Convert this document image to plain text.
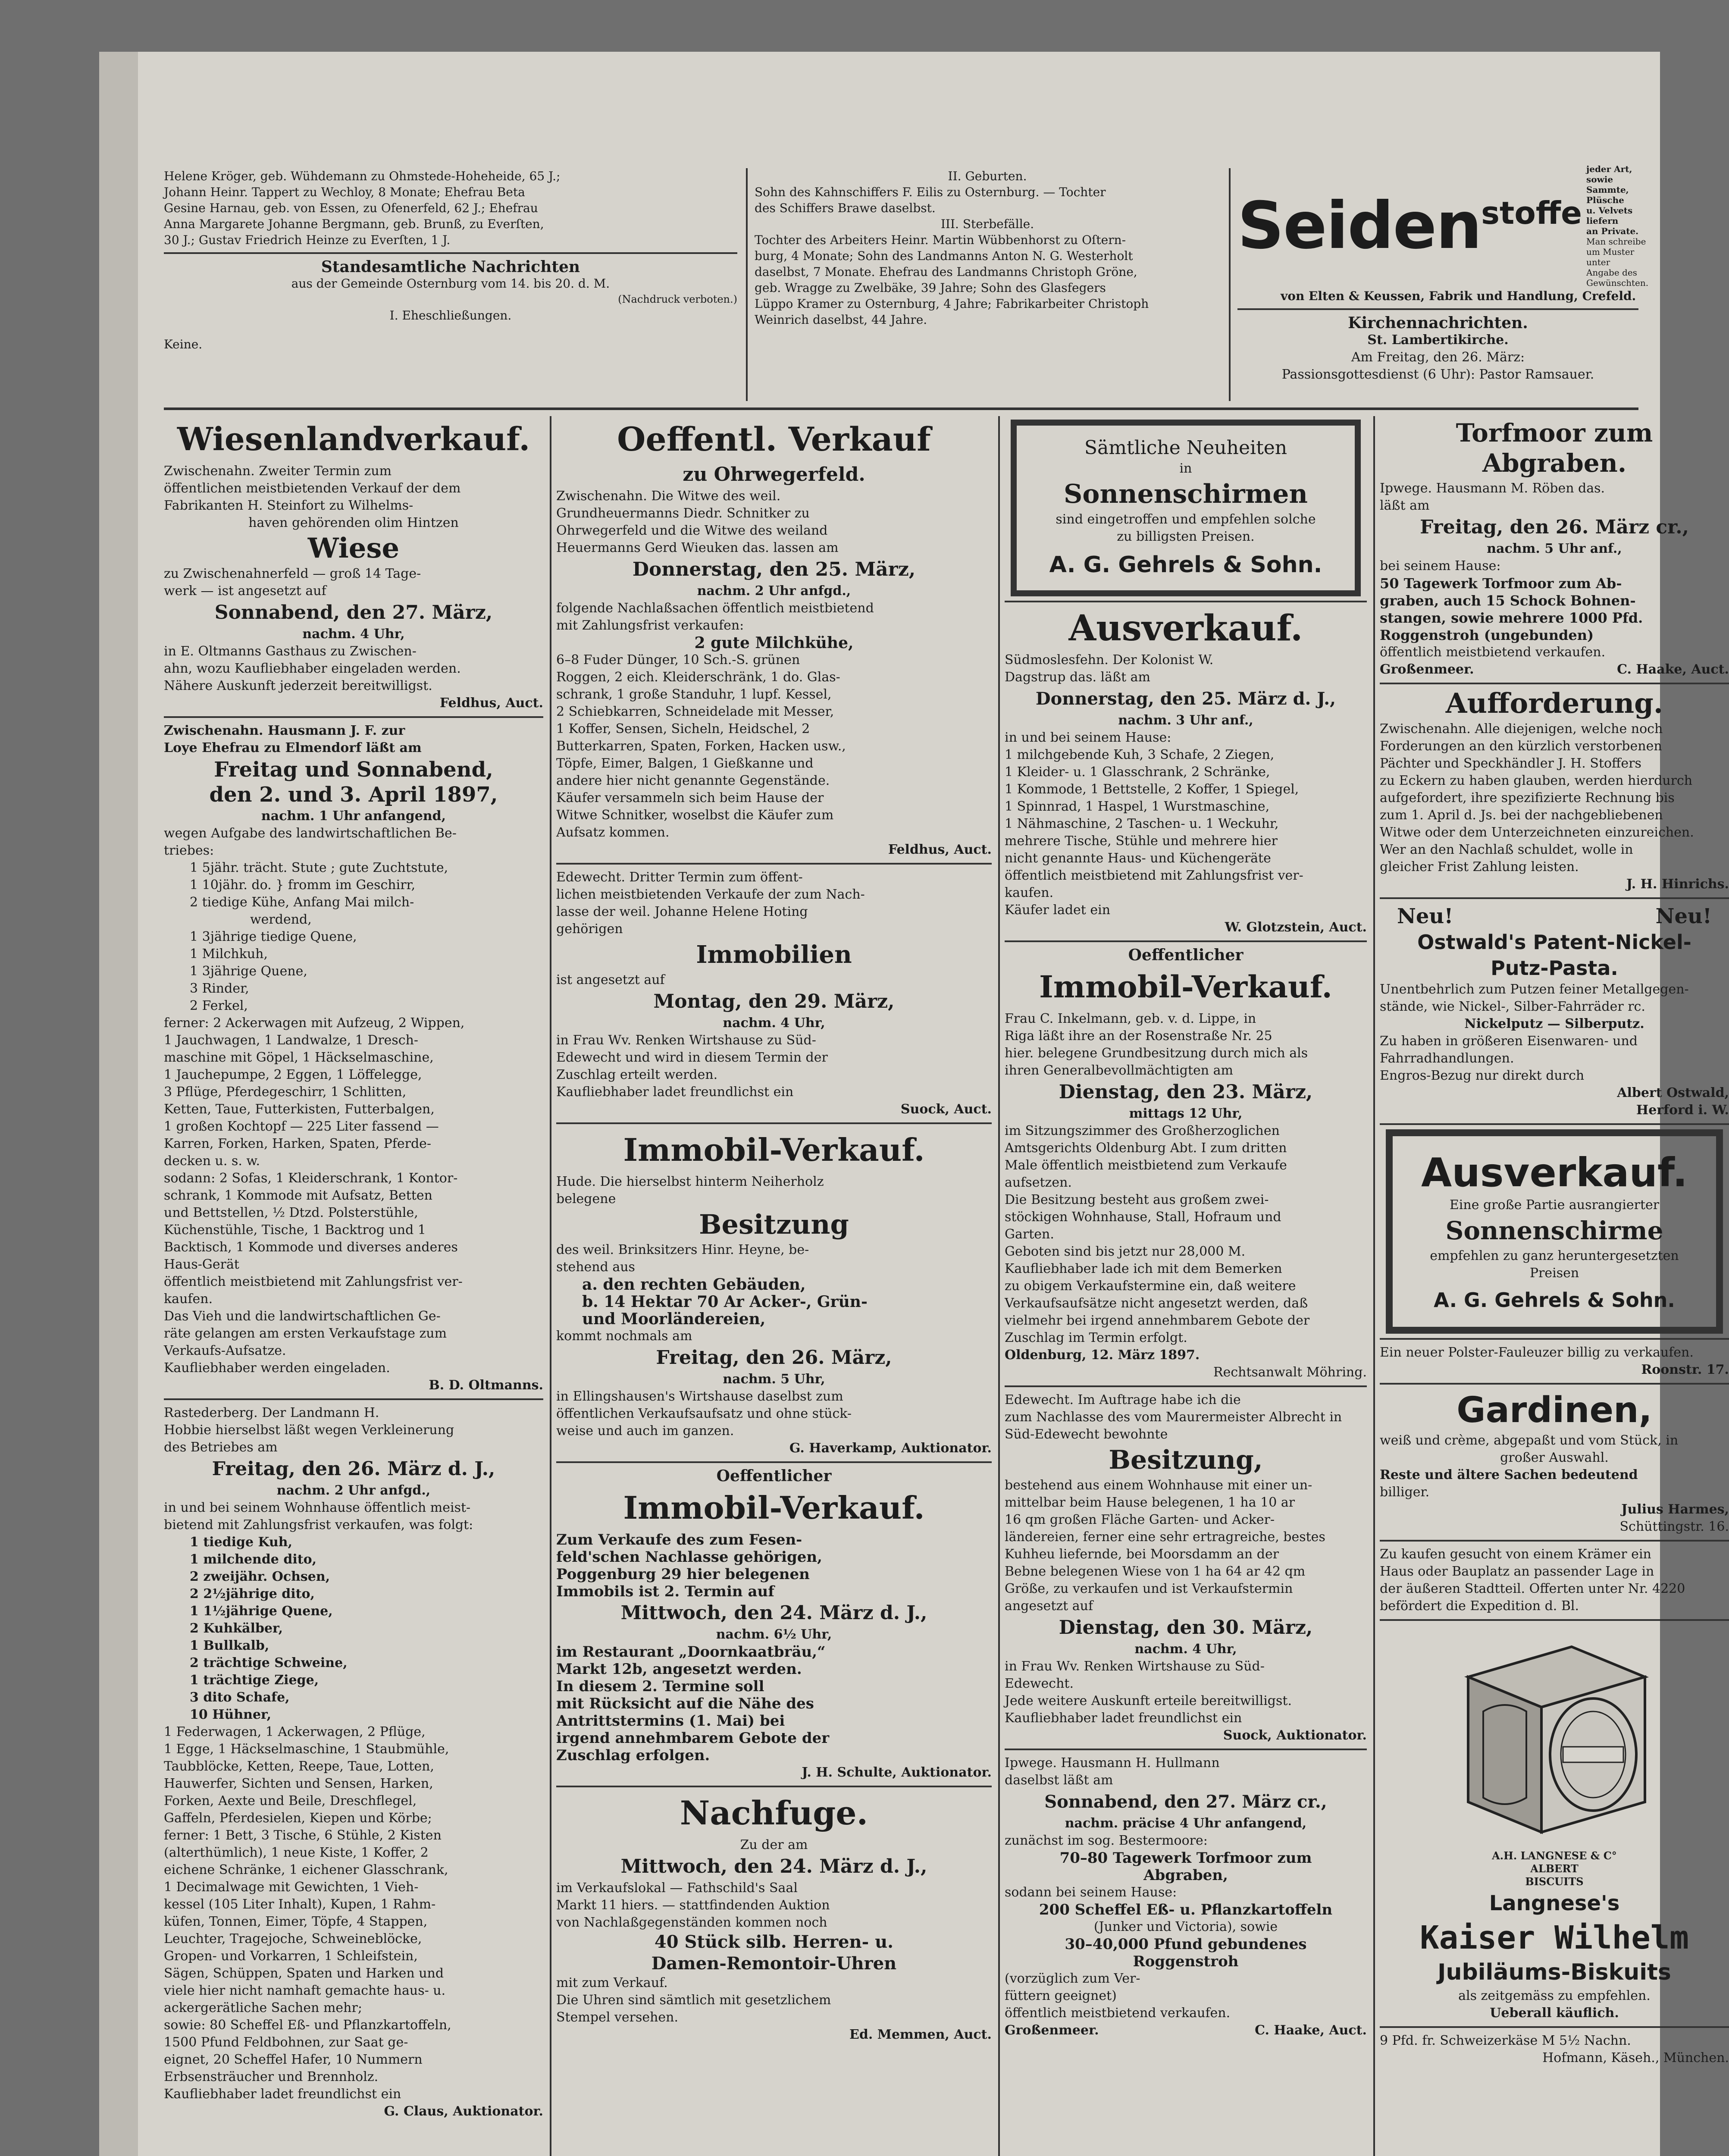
Helene Kröger, geb. Wühdemann zu Ohmstede-Hoheheide, 65 J.;

Johann Heinr. Tappert zu Wechloy, 8 Monate; Ehefrau Beta

Gesine Harnau, geb. von Essen, zu Ofenerfeld, 62 J.; Ehefrau

Anna Margarete Johanne Bergmann, geb. Brunß, zu Everſten,

30 J.; Gustav Friedrich Heinze zu Everſten, 1 J.

Standesamtliche Nachrichten

aus der Gemeinde Osternburg vom 14. bis 20. d. M.

(Nachdruck verboten.)

I. Eheschließungen.

Keine.

II. Geburten.

Sohn des Kahnschiffers F. Eilis zu Osternburg. — Tochter

des Schiffers Brawe daselbst.

III. Sterbefälle.

Tochter des Arbeiters Heinr. Martin Wübbenhorst zu Oſtern-

burg, 4 Monate; Sohn des Landmanns Anton N. G. Westerholt

daselbst, 7 Monate. Ehefrau des Landmanns Christoph Gröne,

geb. Wragge zu Zwelbäke, 39 Jahre; Sohn des Glasfegers

Lüppo Kramer zu Osternburg, 4 Jahre; Fabrikarbeiter Christoph

Weinrich daselbst, 44 Jahre.

Seiden stoffe
jeder Art, sowie
Sammte, Plüsche
u. Velvets liefern
an Private.
Man schreibe um Muster unter
Angabe des Gewünschten.

von Elten & Keussen, Fabrik und Handlung, Crefeld.

Kirchennachrichten.

St. Lambertikirche.

Am Freitag, den 26. März:

Passionsgottesdienst (6 Uhr): Pastor Ramsauer.

Wiesenlandverkauf.

Zwischenahn. Zweiter Termin zum

öffentlichen meistbietenden Verkauf der dem

Fabrikanten H. Steinfort zu Wilhelms-

haven gehörenden olim Hintzen

Wiese

zu Zwischenahnerfeld — groß 14 Tage-

werk — ist angesetzt auf

Sonnabend, den 27. März,

nachm. 4 Uhr,

in E. Oltmanns Gasthaus zu Zwischen-

ahn, wozu Kaufliebhaber eingeladen werden.

Nähere Auskunft jederzeit bereitwilligst.

Feldhus, Auct.

Zwischenahn. Hausmann J. F. zur

Loye Ehefrau zu Elmendorf läßt am

Freitag und Sonnabend,

den 2. und 3. April 1897,

nachm. 1 Uhr anfangend,

wegen Aufgabe des landwirtschaftlichen Be-

triebes:

1 5jähr. trächt. Stute ; gute Zuchtstute,

1 10jähr. do. } fromm im Geschirr,

2 tiedige Kühe, Anfang Mai milch-

werdend,

1 3jährige tiedige Quene,

1 Milchkuh,

1 3jährige Quene,

3 Rinder,

2 Ferkel,

ferner: 2 Ackerwagen mit Aufzeug, 2 Wippen,

1 Jauchwagen, 1 Landwalze, 1 Dresch-

maschine mit Göpel, 1 Häckselmaschine,

1 Jauchepumpe, 2 Eggen, 1 Löffelegge,

3 Pflüge, Pferdegeschirr, 1 Schlitten,

Ketten, Taue, Futterkisten, Futterbalgen,

1 großen Kochtopf — 225 Liter fassend —

Karren, Forken, Harken, Spaten, Pferde-

decken u. s. w.

sodann: 2 Sofas, 1 Kleiderschrank, 1 Kontor-

schrank, 1 Kommode mit Aufsatz, Betten

und Bettstellen, ½ Dtzd. Polsterstühle,

Küchenstühle, Tische, 1 Backtrog und 1

Backtisch, 1 Kommode und diverses anderes

Haus-Gerät

öffentlich meistbietend mit Zahlungsfrist ver-

kaufen.

Das Vieh und die landwirtschaftlichen Ge-

räte gelangen am ersten Verkaufstage zum

Verkaufs-Aufsatze.

Kaufliebhaber werden eingeladen.

B. D. Oltmanns.

Rastederberg. Der Landmann H.

Hobbie hierselbst läßt wegen Verkleinerung

des Betriebes am

Freitag, den 26. März d. J.,

nachm. 2 Uhr anfgd.,

in und bei seinem Wohnhause öffentlich meist-

bietend mit Zahlungsfrist verkaufen, was folgt:

1 tiedige Kuh,

1 milchende dito,

2 zweijähr. Ochsen,

2 2½jährige dito,

1 1½jährige Quene,

2 Kuhkälber,

1 Bullkalb,

2 trächtige Schweine,

1 trächtige Ziege,

3 dito Schafe,

10 Hühner,

1 Federwagen, 1 Ackerwagen, 2 Pflüge,

1 Egge, 1 Häckselmaschine, 1 Staubmühle,

Taubblöcke, Ketten, Reepe, Taue, Lotten,

Hauwerfer, Sichten und Sensen, Harken,

Forken, Aexte und Beile, Dreschflegel,

Gaffeln, Pferdesielen, Kiepen und Körbe;

ferner: 1 Bett, 3 Tische, 6 Stühle, 2 Kisten

(alterthümlich), 1 neue Kiste, 1 Koffer, 2

eichene Schränke, 1 eichener Glasschrank,

1 Decimalwage mit Gewichten, 1 Vieh-

kessel (105 Liter Inhalt), Kupen, 1 Rahm-

küfen, Tonnen, Eimer, Töpfe, 4 Stappen,

Leuchter, Tragejoche, Schweineblöcke,

Gropen- und Vorkarren, 1 Schleifstein,

Sägen, Schüppen, Spaten und Harken und

viele hier nicht namhaft gemachte haus- u.

ackergerätliche Sachen mehr;

sowie: 80 Scheffel Eß- und Pflanzkartoffeln,

1500 Pfund Feldbohnen, zur Saat ge-

eignet, 20 Scheffel Hafer, 10 Nummern

Erbsensträucher und Brennholz.

Kaufliebhaber ladet freundlichst ein

G. Claus, Auktionator.

Oeffentl. Verkauf

zu Ohrwegerfeld.

Zwischenahn. Die Witwe des weil.

Grundheuermanns Diedr. Schnitker zu

Ohrwegerfeld und die Witwe des weiland

Heuermanns Gerd Wieuken das. lassen am

Donnerstag, den 25. März,

nachm. 2 Uhr anfgd.,

folgende Nachlaßsachen öffentlich meistbietend

mit Zahlungsfrist verkaufen:

2 gute Milchkühe,

6–8 Fuder Dünger, 10 Sch.-S. grünen

Roggen, 2 eich. Kleiderschränk, 1 do. Glas-

schrank, 1 große Standuhr, 1 lupf. Kessel,

2 Schiebkarren, Schneidelade mit Messer,

1 Koffer, Sensen, Sicheln, Heidschel, 2

Butterkarren, Spaten, Forken, Hacken usw.,

Töpfe, Eimer, Balgen, 1 Gießkanne und

andere hier nicht genannte Gegenstände.

Käufer versammeln sich beim Hause der

Witwe Schnitker, woselbst die Käufer zum

Aufsatz kommen.

Feldhus, Auct.

Edewecht. Dritter Termin zum öffent-

lichen meistbietenden Verkaufe der zum Nach-

lasse der weil. Johanne Helene Hoting

gehörigen

Immobilien

ist angesetzt auf

Montag, den 29. März,

nachm. 4 Uhr,

in Frau Wv. Renken Wirtshause zu Süd-

Edewecht und wird in diesem Termin der

Zuschlag erteilt werden.

Kaufliebhaber ladet freundlichst ein

Suock, Auct.

Immobil-Verkauf.

Hude. Die hierselbst hinterm Neiherholz

belegene

Besitzung

des weil. Brinksitzers Hinr. Heyne, be-

stehend aus

a. den rechten Gebäuden,

b. 14 Hektar 70 Ar Acker-, Grün-

und Moorländereien,

kommt nochmals am

Freitag, den 26. März,

nachm. 5 Uhr,

in Ellingshausen's Wirtshause daselbst zum

öffentlichen Verkaufsaufsatz und ohne stück-

weise und auch im ganzen.

G. Haverkamp, Auktionator.

Oeffentlicher

Immobil-Verkauf.

Zum Verkaufe des zum Fesen-

feld'schen Nachlasse gehörigen,

Poggenburg 29 hier belegenen

Immobils ist 2. Termin auf

Mittwoch, den 24. März d. J.,

nachm. 6½ Uhr,

im Restaurant „Doornkaatbräu,“

Markt 12b, angesetzt werden.

In diesem 2. Termine soll

mit Rücksicht auf die Nähe des

Antrittstermins (1. Mai) bei

irgend annehmbarem Gebote der

Zuschlag erfolgen.

J. H. Schulte, Auktionator.

Nachfuge.

Zu der am

Mittwoch, den 24. März d. J.,

im Verkaufslokal — Fathschild's Saal

Markt 11 hiers. — stattfindenden Auktion

von Nachlaßgegenständen kommen noch

40 Stück silb. Herren- u.

Damen-Remontoir-Uhren

mit zum Verkauf.

Die Uhren sind sämtlich mit gesetzlichem

Stempel versehen.

Ed. Memmen, Auct.

Sämtliche Neuheiten

in

Sonnenschirmen

sind eingetroffen und empfehlen solche

zu billigsten Preisen.

A. G. Gehrels & Sohn.

Ausverkauf.

Südmoslesfehn. Der Kolonist W.

Dagstrup das. läßt am

Donnerstag, den 25. März d. J.,

nachm. 3 Uhr anf.,

in und bei seinem Hause:

1 milchgebende Kuh, 3 Schafe, 2 Ziegen,

1 Kleider- u. 1 Glasschrank, 2 Schränke,

1 Kommode, 1 Bettstelle, 2 Koffer, 1 Spiegel,

1 Spinnrad, 1 Haspel, 1 Wurstmaschine,

1 Nähmaschine, 2 Taschen- u. 1 Weckuhr,

mehrere Tische, Stühle und mehrere hier

nicht genannte Haus- und Küchengeräte

öffentlich meistbietend mit Zahlungsfrist ver-

kaufen.

Käufer ladet ein

W. Glotzstein, Auct.

Oeffentlicher

Immobil-Verkauf.

Frau C. Inkelmann, geb. v. d. Lippe, in

Riga läßt ihre an der Rosenstraße Nr. 25

hier. belegene Grundbesitzung durch mich als

ihren Generalbevollmächtigten am

Dienstag, den 23. März,

mittags 12 Uhr,

im Sitzungszimmer des Großherzoglichen

Amtsgerichts Oldenburg Abt. I zum dritten

Male öffentlich meistbietend zum Verkaufe

aufsetzen.

Die Besitzung besteht aus großem zwei-

stöckigen Wohnhause, Stall, Hofraum und

Garten.

Geboten sind bis jetzt nur 28,000 M.

Kaufliebhaber lade ich mit dem Bemerken

zu obigem Verkaufstermine ein, daß weitere

Verkaufsaufsätze nicht angesetzt werden, daß

vielmehr bei irgend annehmbarem Gebote der

Zuschlag im Termin erfolgt.

Oldenburg, 12. März 1897.

Rechtsanwalt Möhring.

Edewecht. Im Auftrage habe ich die

zum Nachlasse des vom Maurermeister Albrecht in

Süd-Edewecht bewohnte

Besitzung,

bestehend aus einem Wohnhause mit einer un-

mittelbar beim Hause belegenen, 1 ha 10 ar

16 qm großen Fläche Garten- und Acker-

ländereien, ferner eine sehr ertragreiche, bestes

Kuhheu liefernde, bei Moorsdamm an der

Bebne belegenen Wiese von 1 ha 64 ar 42 qm

Größe, zu verkaufen und ist Verkaufstermin

angesetzt auf

Dienstag, den 30. März,

nachm. 4 Uhr,

in Frau Wv. Renken Wirtshause zu Süd-

Edewecht.

Jede weitere Auskunft erteile bereitwilligst.

Kaufliebhaber ladet freundlichst ein

Suock, Auktionator.

Ipwege. Hausmann H. Hullmann

daselbst läßt am

Sonnabend, den 27. März cr.,

nachm. präcise 4 Uhr anfangend,

zunächst im sog. Bestermoore:

70–80 Tagewerk Torfmoor zum

Abgraben,

sodann bei seinem Hause:

200 Scheffel Eß- u. Pflanzkartoffeln

(Junker und Victoria), sowie

30–40,000 Pfund gebundenes

Roggenstroh

(vorzüglich zum Ver-

füttern geeignet)

öffentlich meistbietend verkaufen.

Großenmeer.	C. Haake, Auct.

Torfmoor zum Abgraben.

Ipwege. Hausmann M. Röben das.

läßt am

Freitag, den 26. März cr.,

nachm. 5 Uhr anf.,

bei seinem Hause:

50 Tagewerk Torfmoor zum Ab-

graben, auch 15 Schock Bohnen-

stangen, sowie mehrere 1000 Pfd.

Roggenstroh (ungebunden)

öffentlich meistbietend verkaufen.

Großenmeer.	C. Haake, Auct.

Aufforderung.

Zwischenahn. Alle diejenigen, welche noch

Forderungen an den kürzlich verstorbenen

Pächter und Speckhändler J. H. Stoffers

zu Eckern zu haben glauben, werden hierdurch

aufgefordert, ihre spezifizierte Rechnung bis

zum 1. April d. Js. bei der nachgebliebenen

Witwe oder dem Unterzeichneten einzureichen.

Wer an den Nachlaß schuldet, wolle in

gleicher Frist Zahlung leisten.

J. H. Hinrichs.

Neu!	Neu!

Ostwald's Patent-Nickel-

Putz-Pasta.

Unentbehrlich zum Putzen feiner Metallgegen-

stände, wie Nickel-, Silber-Fahrräder rc.

Nickelputz — Silberputz.

Zu haben in größeren Eisenwaren- und

Fahrradhandlungen.

Engros-Bezug nur direkt durch

Albert Ostwald,

Herford i. W.

Ausverkauf.

Eine große Partie ausrangierter

Sonnenschirme

empfehlen zu ganz heruntergesetzten

Preisen

A. G. Gehrels & Sohn.

Ein neuer Polster-Fauleuzer billig zu verkaufen.

Roonstr. 17.

Gardinen,

weiß und crème, abgepaßt und vom Stück, in

großer Auswahl.

Reste und ältere Sachen bedeutend

billiger.

Julius Harmes,

Schüttingstr. 16.

Zu kaufen gesucht von einem Krämer ein

Haus oder Bauplatz an passender Lage in

der äußeren Stadtteil. Offerten unter Nr. 4220

befördert die Expedition d. Bl.

A.H. LANGNESE & C°

ALBERT

BISCUITS

Langnese's

Kaiser Wilhelm

Jubiläums-Biskuits

als zeitgemäss zu empfehlen.

Ueberall käuflich.

9 Pfd. fr. Schweizerkäse M 5½ Nachn.

Hofmann, Käseh., München.
